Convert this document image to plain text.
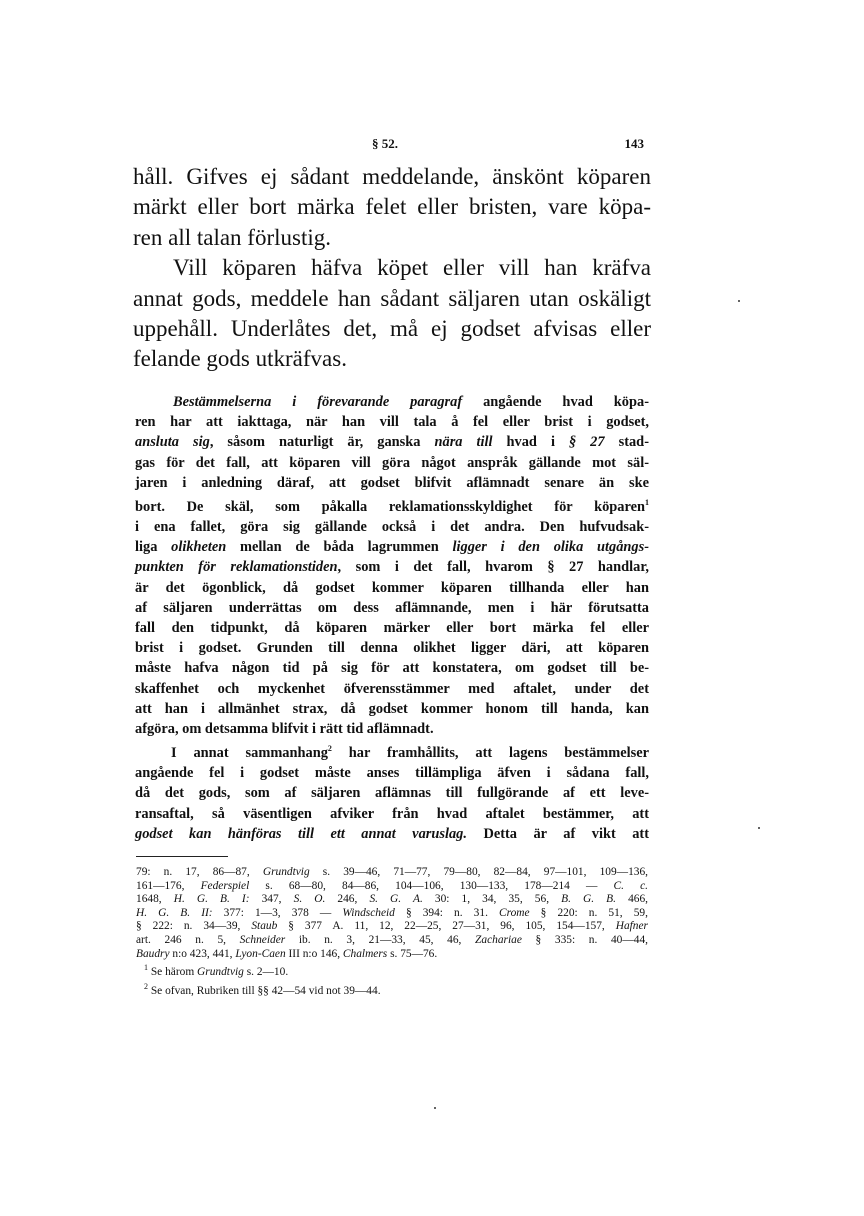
§ 52.	143
håll. Gifves ej sådant meddelande, änskönt köparen
märkt eller bort märka felet eller bristen, vare köpa-
ren all talan förlustig.
Vill köparen häfva köpet eller vill han kräfva
annat gods, meddele han sådant säljaren utan oskäligt
uppehåll. Underlåtes det, må ej godset afvisas eller
felande gods utkräfvas.
Bestämmelserna i förevarande paragraf angående hvad köpa-
ren har att iakttaga, när han vill tala å fel eller brist i godset,
ansluta sig, såsom naturligt är, ganska nära till hvad i § 27 stad-
gas för det fall, att köparen vill göra något anspråk gällande mot säl-
jaren i anledning däraf, att godset blifvit aflämnadt senare än ske
bort. De skäl, som påkalla reklamationsskyldighet för köparen$^1$
i ena fallet, göra sig gällande också i det andra. Den hufvudsak-
liga olikheten mellan de båda lagrummen ligger i den olika utgångs-
punkten för reklamationstiden, som i det fall, hvarom § 27 handlar,
är det ögonblick, då godset kommer köparen tillhanda eller han
af säljaren underrättas om dess aflämnande, men i här förutsatta
fall den tidpunkt, då köparen märker eller bort märka fel eller
brist i godset. Grunden till denna olikhet ligger däri, att köparen
måste hafva någon tid på sig för att konstatera, om godset till be-
skaffenhet och myckenhet öfverensstämmer med aftalet, under det
att han i allmänhet strax, då godset kommer honom till handa, kan
afgöra, om detsamma blifvit i rätt tid aflämnadt.
I annat sammanhang$^2$ har framhållits, att lagens bestämmelser
angående fel i godset måste anses tillämpliga äfven i sådana fall,
då det gods, som af säljaren aflämnas till fullgörande af ett leve-
ransaftal, så väsentligen afviker från hvad aftalet bestämmer, att
godset kan hänföras till ett annat varuslag. Detta är af vikt att
79: n. 17, 86—87, Grundtvig s. 39—46, 71—77, 79—80, 82—84, 97—101, 109—136,
161—176, Federspiel s. 68—80, 84—86, 104—106, 130—133, 178—214 — C. c.
1648, H. G. B. I: 347, S. O. 246, S. G. A. 30: 1, 34, 35, 56, B. G. B. 466,
H. G. B. II: 377: 1—3, 378 — Windscheid § 394: n. 31. Crome § 220: n. 51, 59,
§ 222: n. 34—39, Staub § 377 A. 11, 12, 22—25, 27—31, 96, 105, 154—157, Hafner
art. 246 n. 5, Schneider ib. n. 3, 21—33, 45, 46, Zachariae § 335: n. 40—44,
Baudry n:o 423, 441, Lyon-Caen III n:o 146, Chalmers s. 75—76.
$^1$ Se härom Grundtvig s. 2—10.
$^2$ Se ofvan, Rubriken till §§ 42—54 vid not 39—44.
